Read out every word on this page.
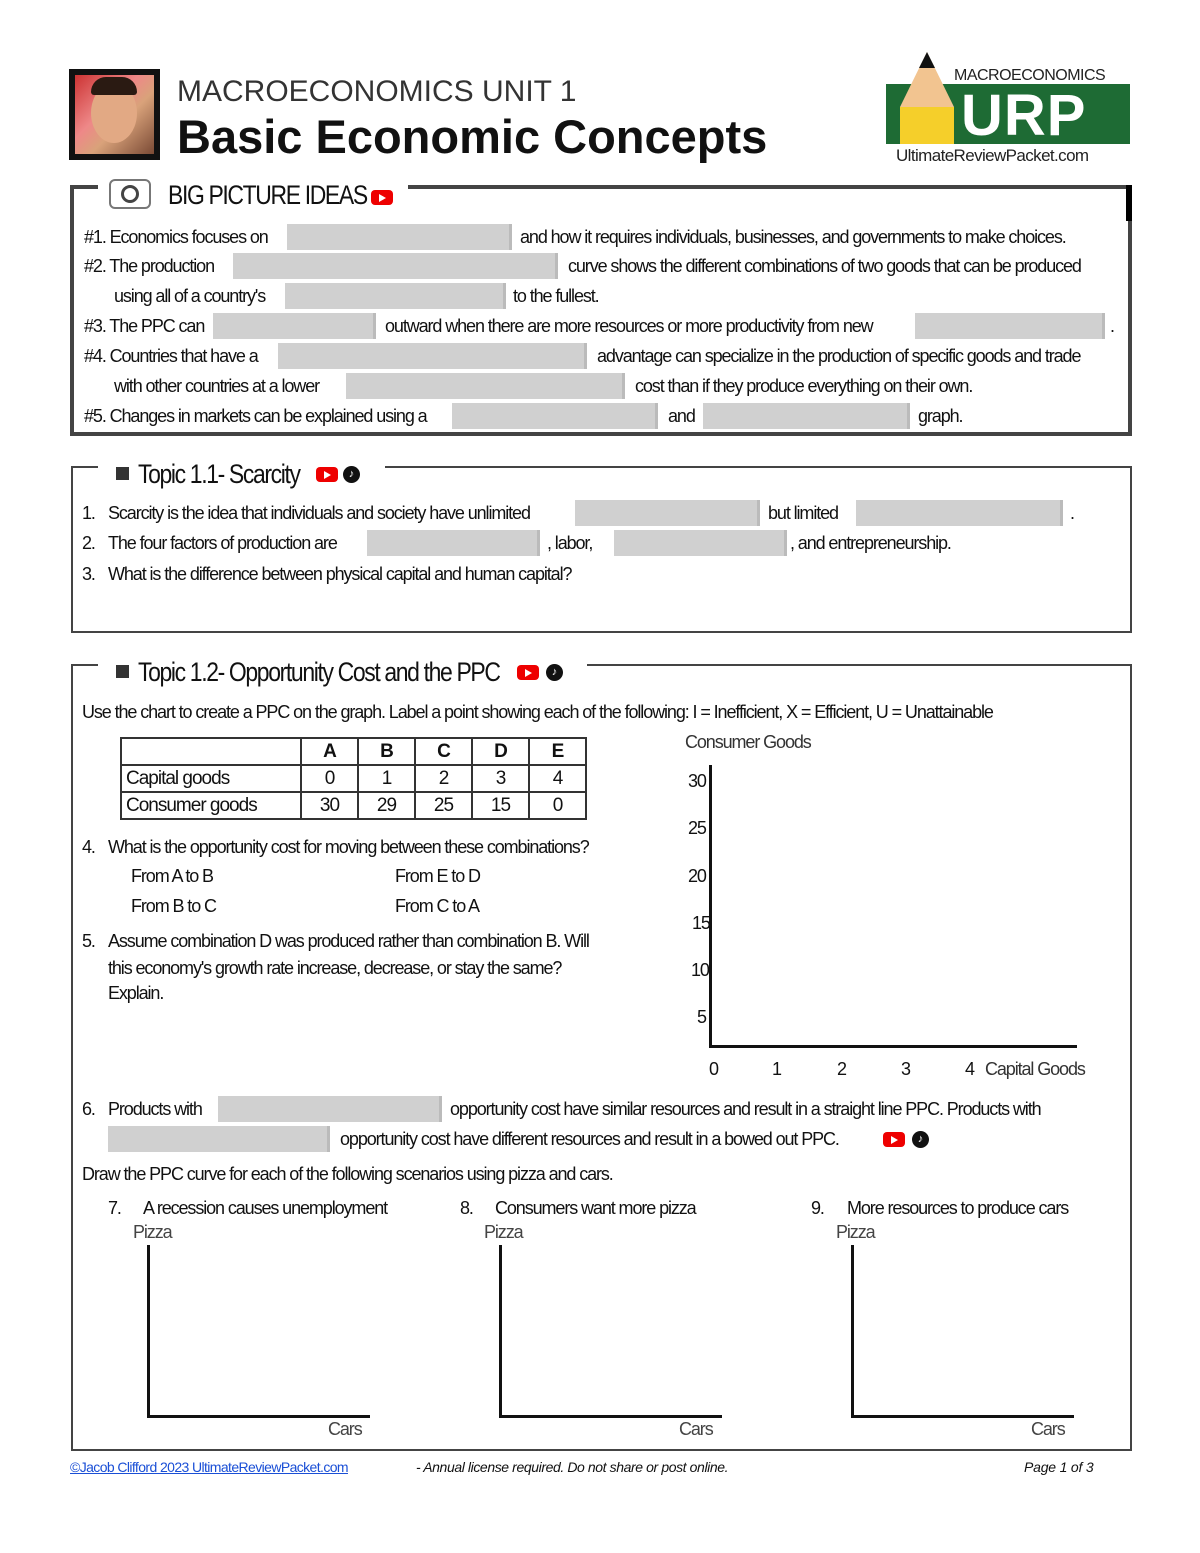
MACROECONOMICS UNIT 1
Basic Economic Concepts
MACROECONOMICS
URP
UltimateReviewPacket.com
BIG PICTURE IDEAS
#1. Economics focuses on	and how it requires individuals, businesses, and governments to make choices.
#2. The production	curve shows the different combinations of two goods that can be produced
using all of a country's	to the fullest.
#3. The PPC can	outward when there are more resources or more productivity from new	.
#4. Countries that have a	advantage can specialize in the production of specific goods and trade
with other countries at a lower	cost than if they produce everything on their own.
#5. Changes in markets can be explained using a	and	graph.
Topic 1.1- Scarcity	♪
1. Scarcity is the idea that individuals and society have unlimited	but limited	.
2. The four factors of production are	, labor,	, and entrepreneurship.
3. What is the difference between physical capital and human capital?
Topic 1.2- Opportunity Cost and the PPC	♪
Use the chart to create a PPC on the graph. Label a point showing each of the following: I = Inefficient, X = Efficient, U = Unattainable
	A	B	C	D	E
Capital goods	0	1	2	3	4
Consumer goods	30	29	25	15	0
4. What is the opportunity cost for moving between these combinations?
From A to B	From E to D
From B to C	From C to A
5. Assume combination D was produced rather than combination B. Will
this economy's growth rate increase, decrease, or stay the same?
Explain.
Consumer Goods
30
25
20
15
10
5
0	1	2	3	4 Capital Goods
6. Products with	opportunity cost have similar resources and result in a straight line PPC. Products with
opportunity cost have different resources and result in a bowed out PPC.	♪
Draw the PPC curve for each of the following scenarios using pizza and cars.
7. A recession causes unemployment
Pizza
Cars
8. Consumers want more pizza
Pizza
Cars
9. More resources to produce cars
Pizza
Cars
©Jacob Clifford 2023 UltimateReviewPacket.com	- Annual license required. Do not share or post online.	Page 1 of 3
